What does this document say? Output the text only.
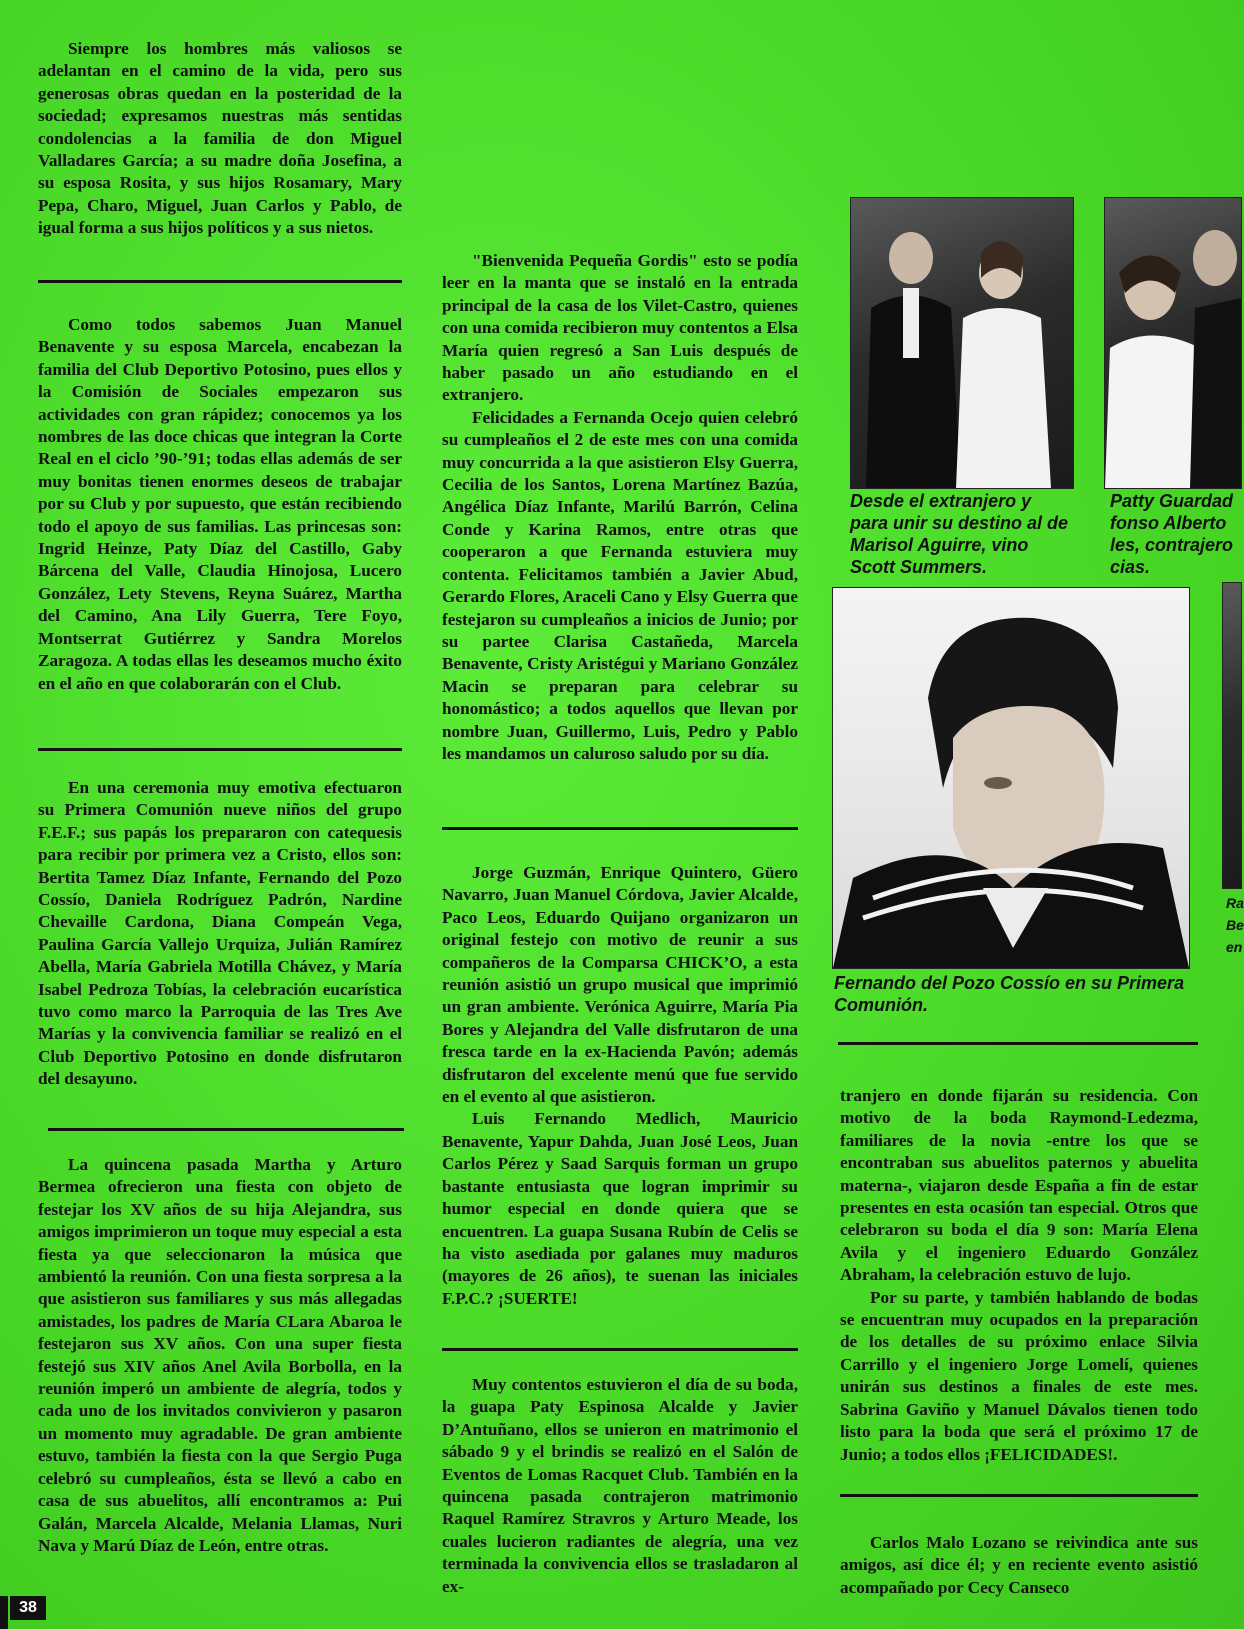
Siempre los hombres más valiosos se adelantan en el camino de la vida, pero sus generosas obras quedan en la posteridad de la sociedad; expresamos nuestras más sentidas condolencias a la familia de don Miguel Valladares García; a su madre doña Josefina, a su esposa Rosita, y sus hijos Rosamary, Mary Pepa, Charo, Miguel, Juan Carlos y Pablo, de igual forma a sus hijos políticos y a sus nietos.

Como todos sabemos Juan Manuel Benavente y su esposa Marcela, encabezan la familia del Club Deportivo Potosino, pues ellos y la Comisión de Sociales empezaron sus actividades con gran rápidez; conocemos ya los nombres de las doce chicas que integran la Corte Real en el ciclo ’90-’91; todas ellas además de ser muy bonitas tienen enormes deseos de trabajar por su Club y por supuesto, que están recibiendo todo el apoyo de sus familias. Las princesas son: Ingrid Heinze, Paty Díaz del Castillo, Gaby Bárcena del Valle, Claudia Hinojosa, Lucero González, Lety Stevens, Reyna Suárez, Martha del Camino, Ana Lily Guerra, Tere Foyo, Montserrat Gutiérrez y Sandra Morelos Zaragoza. A todas ellas les deseamos mucho éxito en el año en que colaborarán con el Club.

En una ceremonia muy emotiva efectuaron su Primera Comunión nueve niños del grupo F.E.F.; sus papás los prepararon con catequesis para recibir por primera vez a Cristo, ellos son: Bertita Tamez Díaz Infante, Fernando del Pozo Cossío, Daniela Rodríguez Padrón, Nardine Chevaille Cardona, Diana Compeán Vega, Paulina García Vallejo Urquiza, Julián Ramírez Abella, María Gabriela Motilla Chávez, y María Isabel Pedroza Tobías, la celebración eucarística tuvo como marco la Parroquia de las Tres Ave Marías y la convivencia familiar se realizó en el Club Deportivo Potosino en donde disfrutaron del desayuno.

La quincena pasada Martha y Arturo Bermea ofrecieron una fiesta con objeto de festejar los XV años de su hija Alejandra, sus amigos imprimieron un toque muy especial a esta fiesta ya que seleccionaron la música que ambientó la reunión. Con una fiesta sorpresa a la que asistieron sus familiares y sus más allegadas amistades, los padres de María CLara Abaroa le festejaron sus XV años. Con una super fiesta festejó sus XIV años Anel Avila Borbolla, en la reunión imperó un ambiente de alegría, todos y cada uno de los invitados convivieron y pasaron un momento muy agradable. De gran ambiente estuvo, también la fiesta con la que Sergio Puga celebró su cumpleaños, ésta se llevó a cabo en casa de sus abuelitos, allí encontramos a: Pui Galán, Marcela Alcalde, Melania Llamas, Nuri Nava y Marú Díaz de León, entre otras.

"Bienvenida Pequeña Gordis" esto se podía leer en la manta que se instaló en la entrada principal de la casa de los Vilet-Castro, quienes con una comida recibieron muy contentos a Elsa María quien regresó a San Luis después de haber pasado un año estudiando en el extranjero.

Felicidades a Fernanda Ocejo quien celebró su cumpleaños el 2 de este mes con una comida muy concurrida a la que asistieron Elsy Guerra, Cecilia de los Santos, Lorena Martínez Bazúa, Angélica Díaz Infante, Marilú Barrón, Celina Conde y Karina Ramos, entre otras que cooperaron a que Fernanda estuviera muy contenta. Felicitamos también a Javier Abud, Gerardo Flores, Araceli Cano y Elsy Guerra que festejaron su cumpleaños a inicios de Junio; por su partee Clarisa Castañeda, Marcela Benavente, Cristy Aristégui y Mariano González Macin se preparan para celebrar su honomástico; a todos aquellos que llevan por nombre Juan, Guillermo, Luis, Pedro y Pablo les mandamos un caluroso saludo por su día.

Jorge Guzmán, Enrique Quintero, Güero Navarro, Juan Manuel Córdova, Javier Alcalde, Paco Leos, Eduardo Quijano organizaron un original festejo con motivo de reunir a sus compañeros de la Comparsa CHICK’O, a esta reunión asistió un grupo musical que imprimió un gran ambiente. Verónica Aguirre, María Pia Bores y Alejandra del Valle disfrutaron de una fresca tarde en la ex-Hacienda Pavón; además disfrutaron del excelente menú que fue servido en el evento al que asistieron.

Luis Fernando Medlich, Mauricio Benavente, Yapur Dahda, Juan José Leos, Juan Carlos Pérez y Saad Sarquis forman un grupo bastante entusiasta que logran imprimir su humor especial en donde quiera que se encuentren. La guapa Susana Rubín de Celis se ha visto asediada por galanes muy maduros (mayores de 26 años), te suenan las iniciales F.P.C.? ¡SUERTE!

Muy contentos estuvieron el día de su boda, la guapa Paty Espinosa Alcalde y Javier D’Antuñano, ellos se unieron en matrimonio el sábado 9 y el brindis se realizó en el Salón de Eventos de Lomas Racquet Club. También en la quincena pasada contrajeron matrimonio Raquel Ramírez Stravros y Arturo Meade, los cuales lucieron radiantes de alegría, una vez terminada la convivencia ellos se trasladaron al ex-

Desde el extranjero y para unir su destino al de Marisol Aguirre, vino Scott Summers.
Patty Guardad fonso Alberto les, contrajero cias.
Fernando del Pozo Cossío en su Primera Comunión.
Ra Be en

tranjero en donde fijarán su residencia. Con motivo de la boda Raymond-Ledezma, familiares de la novia -entre los que se encontraban sus abuelitos paternos y abuelita materna-, viajaron desde España a fin de estar presentes en esta ocasión tan especial. Otros que celebraron su boda el día 9 son: María Elena Avila y el ingeniero Eduardo González Abraham, la celebración estuvo de lujo.

Por su parte, y también hablando de bodas se encuentran muy ocupados en la preparación de los detalles de su próximo enlace Silvia Carrillo y el ingeniero Jorge Lomelí, quienes unirán sus destinos a finales de este mes. Sabrina Gaviño y Manuel Dávalos tienen todo listo para la boda que será el próximo 17 de Junio; a todos ellos ¡FELICIDADES!.

Carlos Malo Lozano se reivindica ante sus amigos, así dice él; y en reciente evento asistió acompañado por Cecy Canseco

38
